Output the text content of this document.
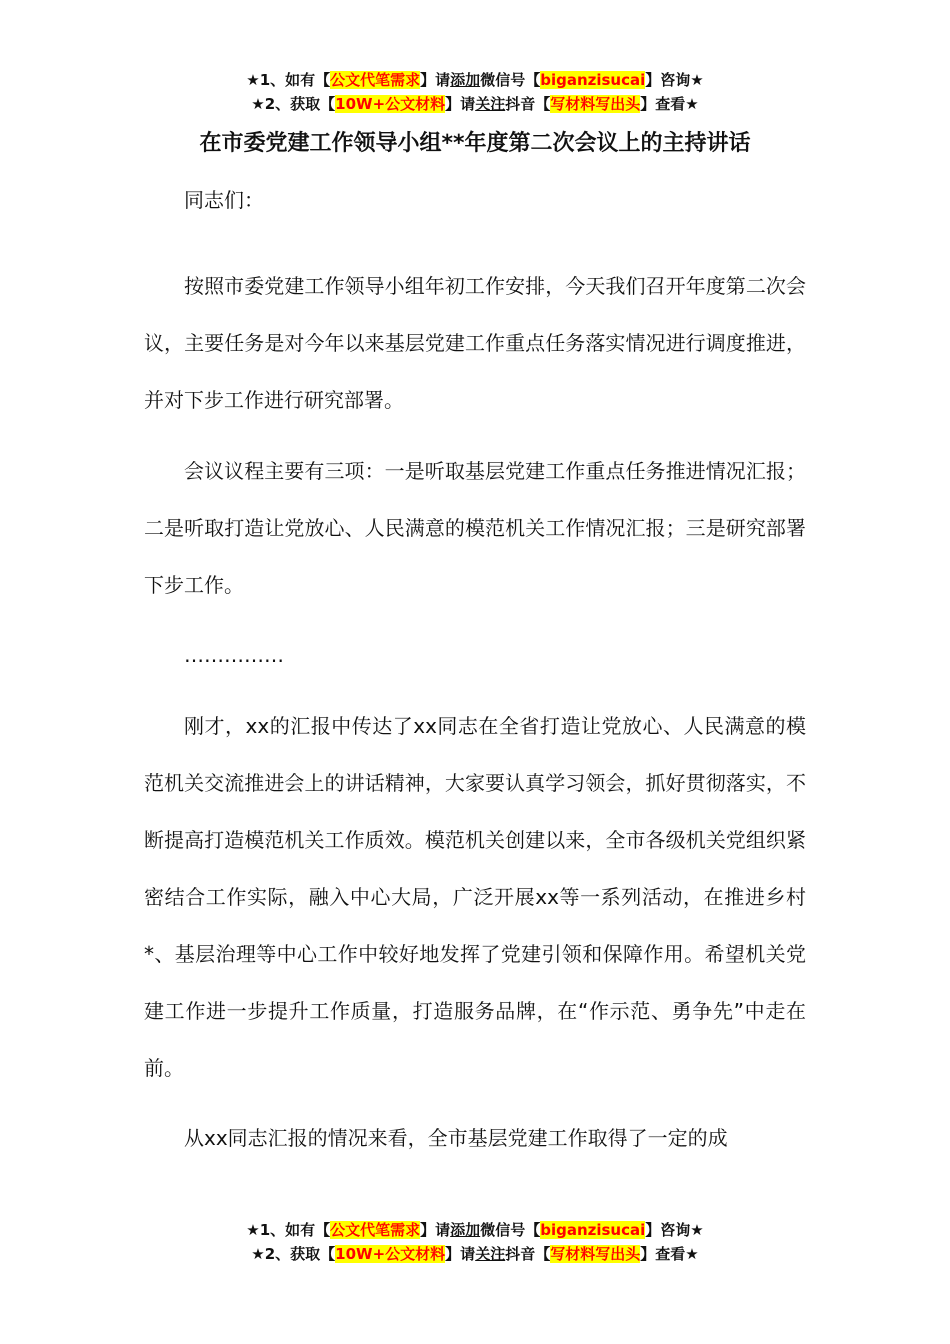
★1、如有【公文代笔需求】请添加微信号【biganzisucai】咨询★
★2、获取【10W+公文材料】请关注抖音【写材料写出头】查看★
在市委党建工作领导小组**年度第二次会议上的主持讲话

同志们：

按照市委党建工作领导小组年初工作安排，今天我们召开年度第二次会议，主要任务是对今年以来基层党建工作重点任务落实情况进行调度推进，并对下步工作进行研究部署。

会议议程主要有三项：一是听取基层党建工作重点任务推进情况汇报；二是听取打造让党放心、人民满意的模范机关工作情况汇报；三是研究部署下步工作。

……………

刚才，xx的汇报中传达了xx同志在全省打造让党放心、人民满意的模范机关交流推进会上的讲话精神，大家要认真学习领会，抓好贯彻落实，不断提高打造模范机关工作质效。模范机关创建以来，全市各级机关党组织紧密结合工作实际，融入中心大局，广泛开展xx等一系列活动，在推进乡村*、基层治理等中心工作中较好地发挥了党建引领和保障作用。希望机关党建工作进一步提升工作质量，打造服务品牌，在“作示范、勇争先”中走在前。

从xx同志汇报的情况来看，全市基层党建工作取得了一定的成

★1、如有【公文代笔需求】请添加微信号【biganzisucai】咨询★
★2、获取【10W+公文材料】请关注抖音【写材料写出头】查看★
